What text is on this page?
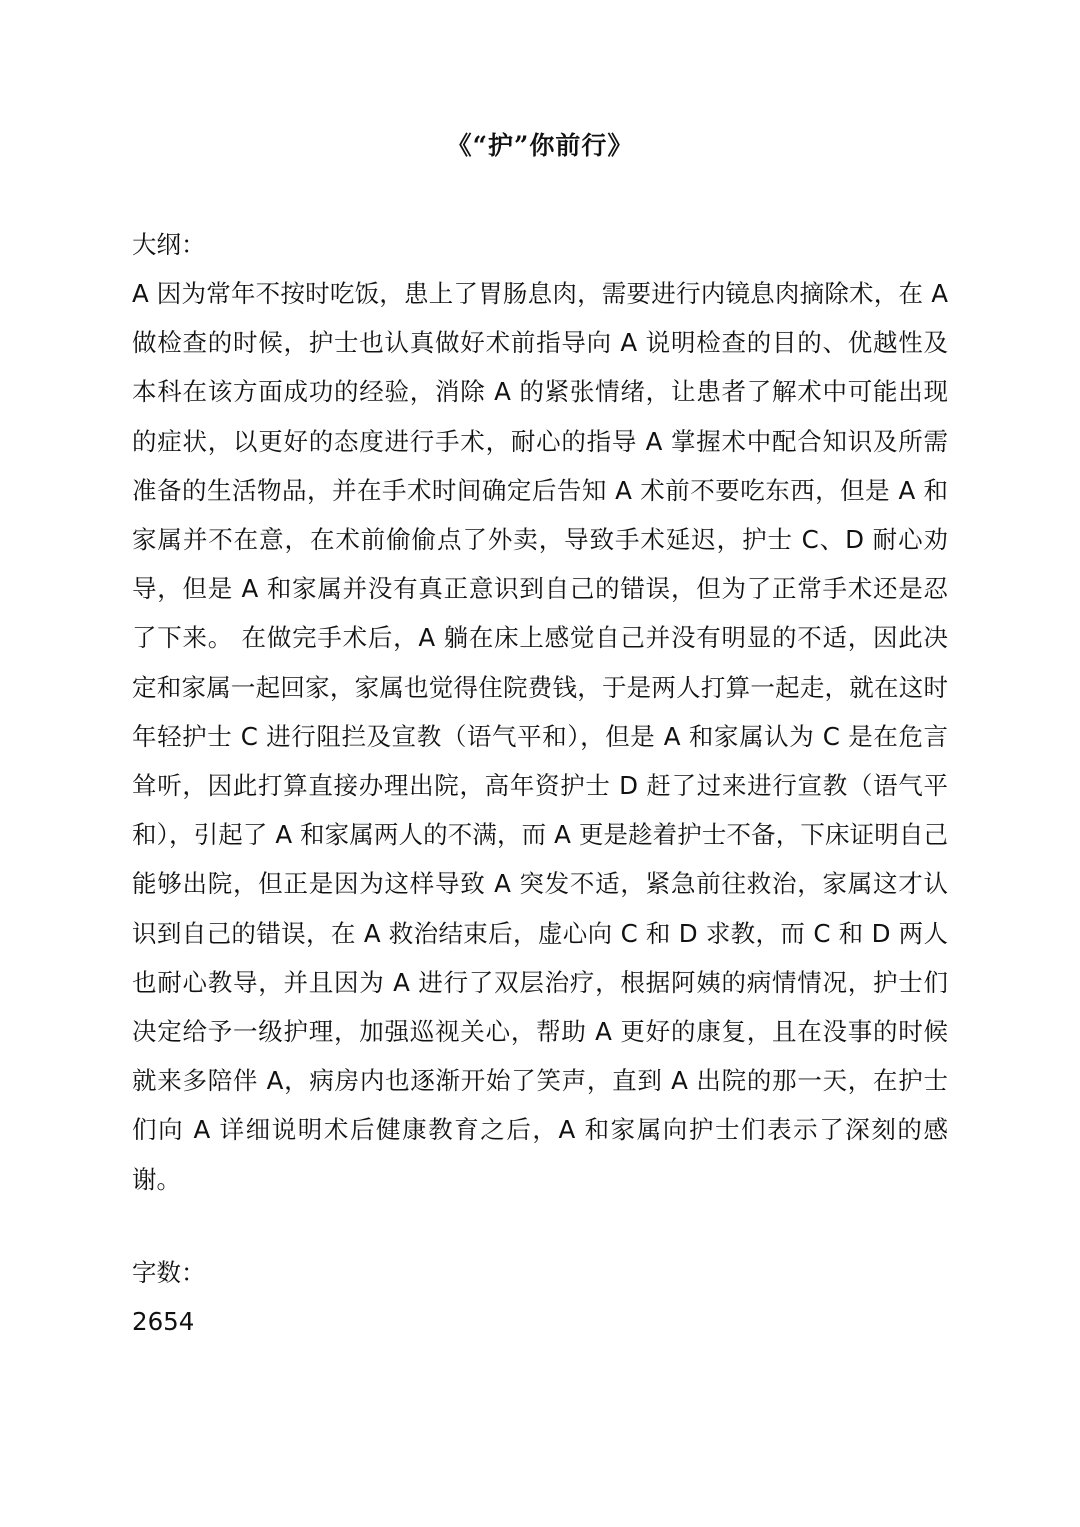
《“护”你前行》
大纲：
A 因为常年不按时吃饭，患上了胃肠息肉，需要进行内镜息肉摘除术，在 A 做检查的时候，护士也认真做好术前指导向 A 说明检查的目的、优越性及本科在该方面成功的经验，消除 A 的紧张情绪，让患者了解术中可能出现的症状，以更好的态度进行手术，耐心的指导 A 掌握术中配合知识及所需准备的生活物品，并在手术时间确定后告知 A 术前不要吃东西，但是 A 和家属并不在意，在术前偷偷点了外卖，导致手术延迟，护士 C、D 耐心劝导，但是 A 和家属并没有真正意识到自己的错误，但为了正常手术还是忍了下来。 在做完手术后，A 躺在床上感觉自己并没有明显的不适，因此决定和家属一起回家，家属也觉得住院费钱，于是两人打算一起走，就在这时年轻护士 C 进行阻拦及宣教（语气平和），但是 A 和家属认为 C 是在危言耸听，因此打算直接办理出院，高年资护士 D 赶了过来进行宣教（语气平和），引起了 A 和家属两人的不满，而 A 更是趁着护士不备，下床证明自己能够出院，但正是因为这样导致 A 突发不适，紧急前往救治，家属这才认识到自己的错误，在 A 救治结束后，虚心向 C 和 D 求教，而 C 和 D 两人也耐心教导，并且因为 A 进行了双层治疗，根据阿姨的病情情况，护士们决定给予一级护理，加强巡视关心，帮助 A 更好的康复，且在没事的时候就来多陪伴 A，病房内也逐渐开始了笑声，直到 A 出院的那一天，在护士们向 A 详细说明术后健康教育之后，A 和家属向护士们表示了深刻的感谢。
字数：
2654
